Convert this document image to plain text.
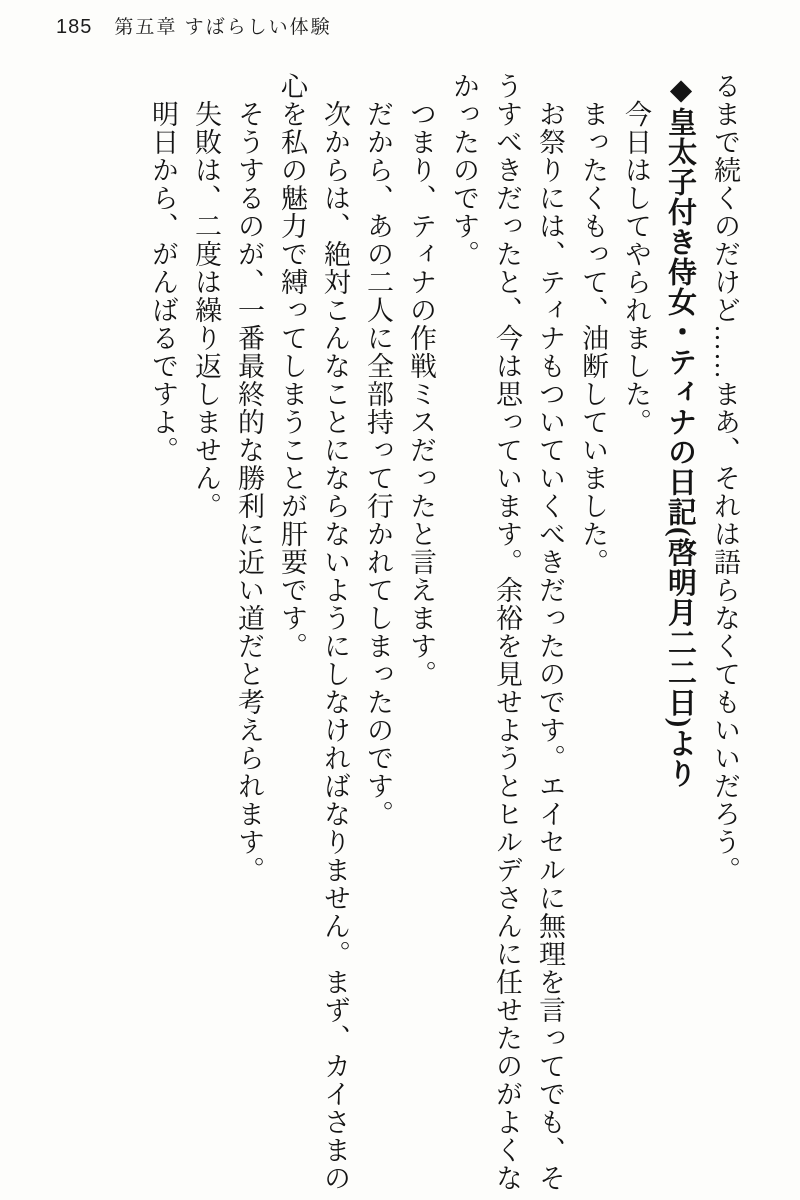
185 第五章 すばらしい体験

るまで続くのだけど……まあ、それは語らなくてもいいだろう。

◆皇太子付き侍女・ティナの日記(啓明月二二日)より

今日はしてやられました。

まったくもって、油断していました。

お祭りには、ティナもついていくべきだったのです。エイセルに無理を言ってでも、そうすべきだったと、今は思っています。余裕を見せようとヒルデさんに任せたのがよくなかったのです。

つまり、ティナの作戦ミスだったと言えます。

だから、あの二人に全部持って行かれてしまったのです。

次からは、絶対こんなことにならないようにしなければなりません。まず、カイさまの心を私の魅力で縛ってしまうことが肝要です。

そうするのが、一番最終的な勝利に近い道だと考えられます。

失敗は、二度は繰り返しません。

明日から、がんばるですよ。
